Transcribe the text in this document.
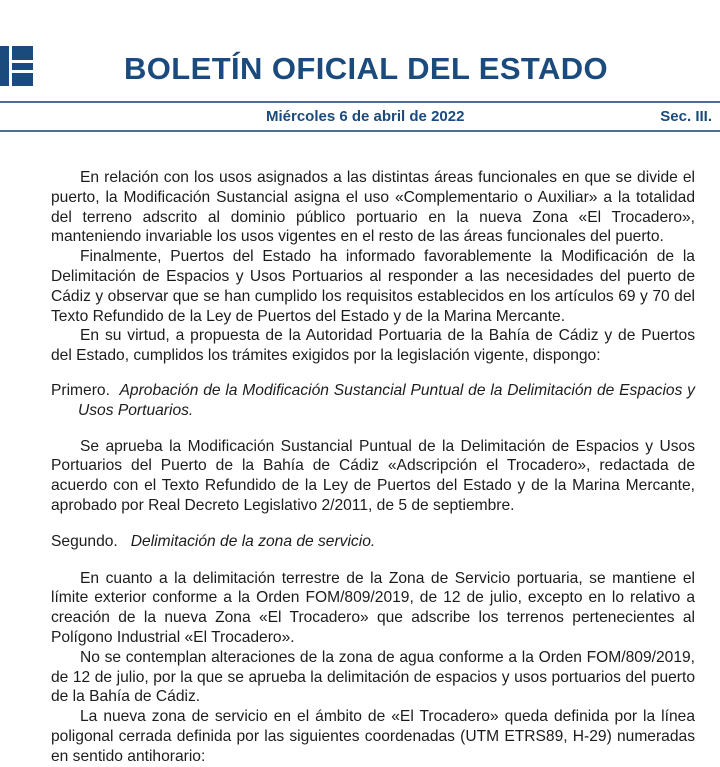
BOLETÍN OFICIAL DEL ESTADO
Miércoles 6 de abril de 2022	Sec. III.

En relación con los usos asignados a las distintas áreas funcionales en que se divide el puerto, la Modificación Sustancial asigna el uso «Complementario o Auxiliar» a la totalidad del terreno adscrito al dominio público portuario en la nueva Zona «El Trocadero», manteniendo invariable los usos vigentes en el resto de las áreas funcionales del puerto.

Finalmente, Puertos del Estado ha informado favorablemente la Modificación de la Delimitación de Espacios y Usos Portuarios al responder a las necesidades del puerto de Cádiz y observar que se han cumplido los requisitos establecidos en los artículos 69 y 70 del Texto Refundido de la Ley de Puertos del Estado y de la Marina Mercante.

En su virtud, a propuesta de la Autoridad Portuaria de la Bahía de Cádiz y de Puertos del Estado, cumplidos los trámites exigidos por la legislación vigente, dispongo:

Primero. Aprobación de la Modificación Sustancial Puntual de la Delimitación de Espacios y Usos Portuarios.

Se aprueba la Modificación Sustancial Puntual de la Delimitación de Espacios y Usos Portuarios del Puerto de la Bahía de Cádiz «Adscripción el Trocadero», redactada de acuerdo con el Texto Refundido de la Ley de Puertos del Estado y de la Marina Mercante, aprobado por Real Decreto Legislativo 2/2011, de 5 de septiembre.

Segundo. Delimitación de la zona de servicio.

En cuanto a la delimitación terrestre de la Zona de Servicio portuaria, se mantiene el límite exterior conforme a la Orden FOM/809/2019, de 12 de julio, excepto en lo relativo a creación de la nueva Zona «El Trocadero» que adscribe los terrenos pertenecientes al Polígono Industrial «El Trocadero».

No se contemplan alteraciones de la zona de agua conforme a la Orden FOM/809/2019, de 12 de julio, por la que se aprueba la delimitación de espacios y usos portuarios del puerto de la Bahía de Cádiz.

La nueva zona de servicio en el ámbito de «El Trocadero» queda definida por la línea poligonal cerrada definida por las siguientes coordenadas (UTM ETRS89, H-29) numeradas en sentido antihorario:
